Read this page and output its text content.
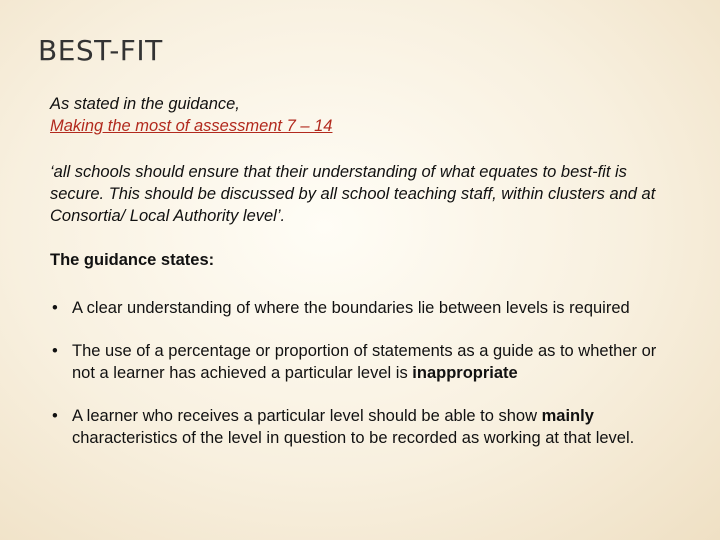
BEST-FIT

As stated in the guidance,

Making the most of assessment 7 – 14

‘all schools should ensure that their understanding of what equates to best-fit is secure. This should be discussed by all school teaching staff, within clusters and at Consortia/ Local Authority level’.

The guidance states:

• A clear understanding of where the boundaries lie between levels is required
• The use of a percentage or proportion of statements as a guide as to whether or not a learner has achieved a particular level is inappropriate
• A learner who receives a particular level should be able to show mainly characteristics of the level in question to be recorded as working at that level.
